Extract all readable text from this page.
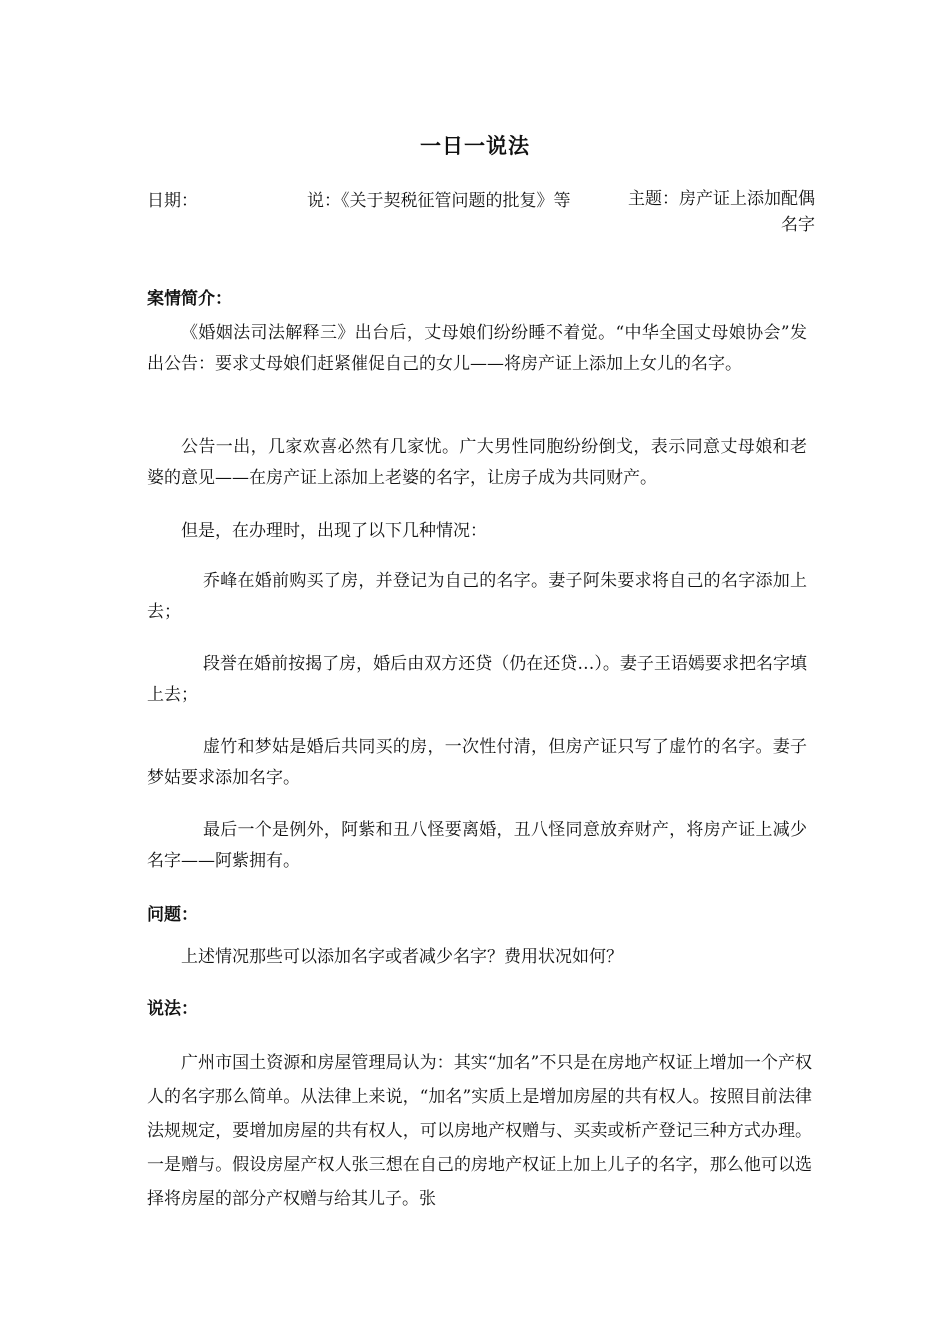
一日一说法
日期：	说：《关于契税征管问题的批复》等	主题：房产证上添加配偶名字
案情简介：

《婚姻法司法解释三》出台后，丈母娘们纷纷睡不着觉。“中华全国丈母娘协会”发出公告：要求丈母娘们赶紧催促自己的女儿——将房产证上添加上女儿的名字。

公告一出，几家欢喜必然有几家忧。广大男性同胞纷纷倒戈，表示同意丈母娘和老婆的意见——在房产证上添加上老婆的名字，让房子成为共同财产。

但是，在办理时，出现了以下几种情况：

乔峰在婚前购买了房，并登记为自己的名字。妻子阿朱要求将自己的名字添加上去；

段誉在婚前按揭了房，婚后由双方还贷（仍在还贷…）。妻子王语嫣要求把名字填上去；

虚竹和梦姑是婚后共同买的房，一次性付清，但房产证只写了虚竹的名字。妻子梦姑要求添加名字。

最后一个是例外，阿紫和丑八怪要离婚，丑八怪同意放弃财产，将房产证上减少名字——阿紫拥有。

问题：

上述情况那些可以添加名字或者减少名字？费用状况如何？

说法：

广州市国土资源和房屋管理局认为：其实“加名”不只是在房地产权证上增加一个产权人的名字那么简单。从法律上来说，“加名”实质上是增加房屋的共有权人。按照目前法律法规规定，要增加房屋的共有权人，可以房地产权赠与、买卖或析产登记三种方式办理。一是赠与。假设房屋产权人张三想在自己的房地产权证上加上儿子的名字，那么他可以选择将房屋的部分产权赠与给其儿子。张
